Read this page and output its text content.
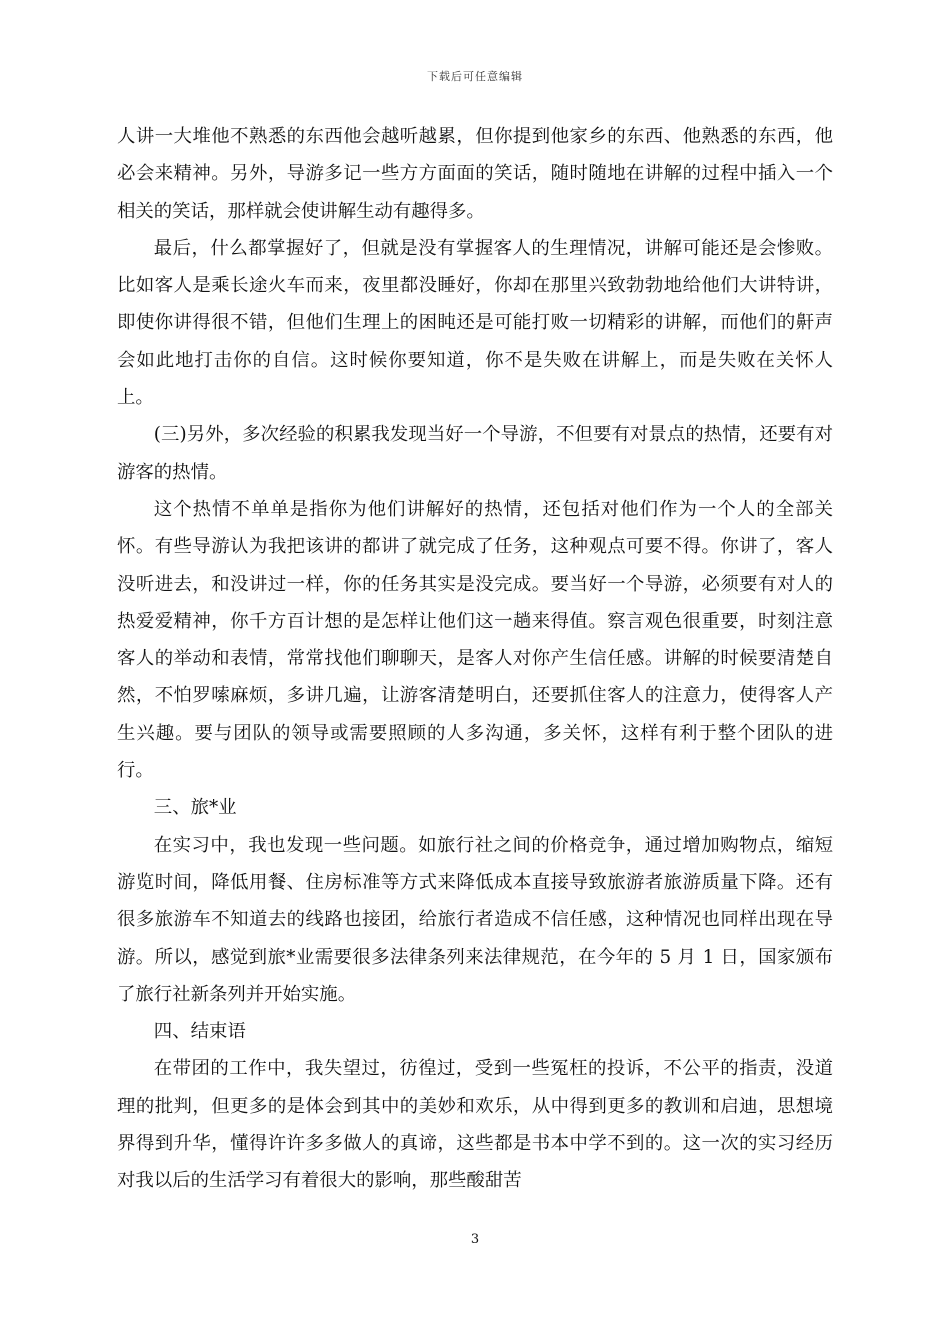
下载后可任意编辑

人讲一大堆他不熟悉的东西他会越听越累，但你提到他家乡的东西、他熟悉的东西，他必会来精神。另外，导游多记一些方方面面的笑话，随时随地在讲解的过程中插入一个相关的笑话，那样就会使讲解生动有趣得多。

最后，什么都掌握好了，但就是没有掌握客人的生理情况，讲解可能还是会惨败。比如客人是乘长途火车而来，夜里都没睡好，你却在那里兴致勃勃地给他们大讲特讲，即使你讲得很不错，但他们生理上的困盹还是可能打败一切精彩的讲解，而他们的鼾声会如此地打击你的自信。这时候你要知道，你不是失败在讲解上，而是失败在关怀人上。

(三)另外，多次经验的积累我发现当好一个导游，不但要有对景点的热情，还要有对游客的热情。

这个热情不单单是指你为他们讲解好的热情，还包括对他们作为一个人的全部关怀。有些导游认为我把该讲的都讲了就完成了任务，这种观点可要不得。你讲了，客人没听进去，和没讲过一样，你的任务其实是没完成。要当好一个导游，必须要有对人的热爱爱精神，你千方百计想的是怎样让他们这一趟来得值。察言观色很重要，时刻注意客人的举动和表情，常常找他们聊聊天，是客人对你产生信任感。讲解的时候要清楚自然，不怕罗嗦麻烦，多讲几遍，让游客清楚明白，还要抓住客人的注意力，使得客人产生兴趣。要与团队的领导或需要照顾的人多沟通，多关怀，这样有利于整个团队的进行。

三、旅*业

在实习中，我也发现一些问题。如旅行社之间的价格竞争，通过增加购物点，缩短游览时间，降低用餐、住房标准等方式来降低成本直接导致旅游者旅游质量下降。还有很多旅游车不知道去的线路也接团，给旅行者造成不信任感，这种情况也同样出现在导游。所以，感觉到旅*业需要很多法律条列来法律规范，在今年的 5 月 1 日，国家颁布了旅行社新条列并开始实施。

四、结束语

在带团的工作中，我失望过，彷徨过，受到一些冤枉的投诉，不公平的指责，没道理的批判，但更多的是体会到其中的美妙和欢乐，从中得到更多的教训和启迪，思想境界得到升华，懂得许许多多做人的真谛，这些都是书本中学不到的。这一次的实习经历对我以后的生活学习有着很大的影响，那些酸甜苦

3
